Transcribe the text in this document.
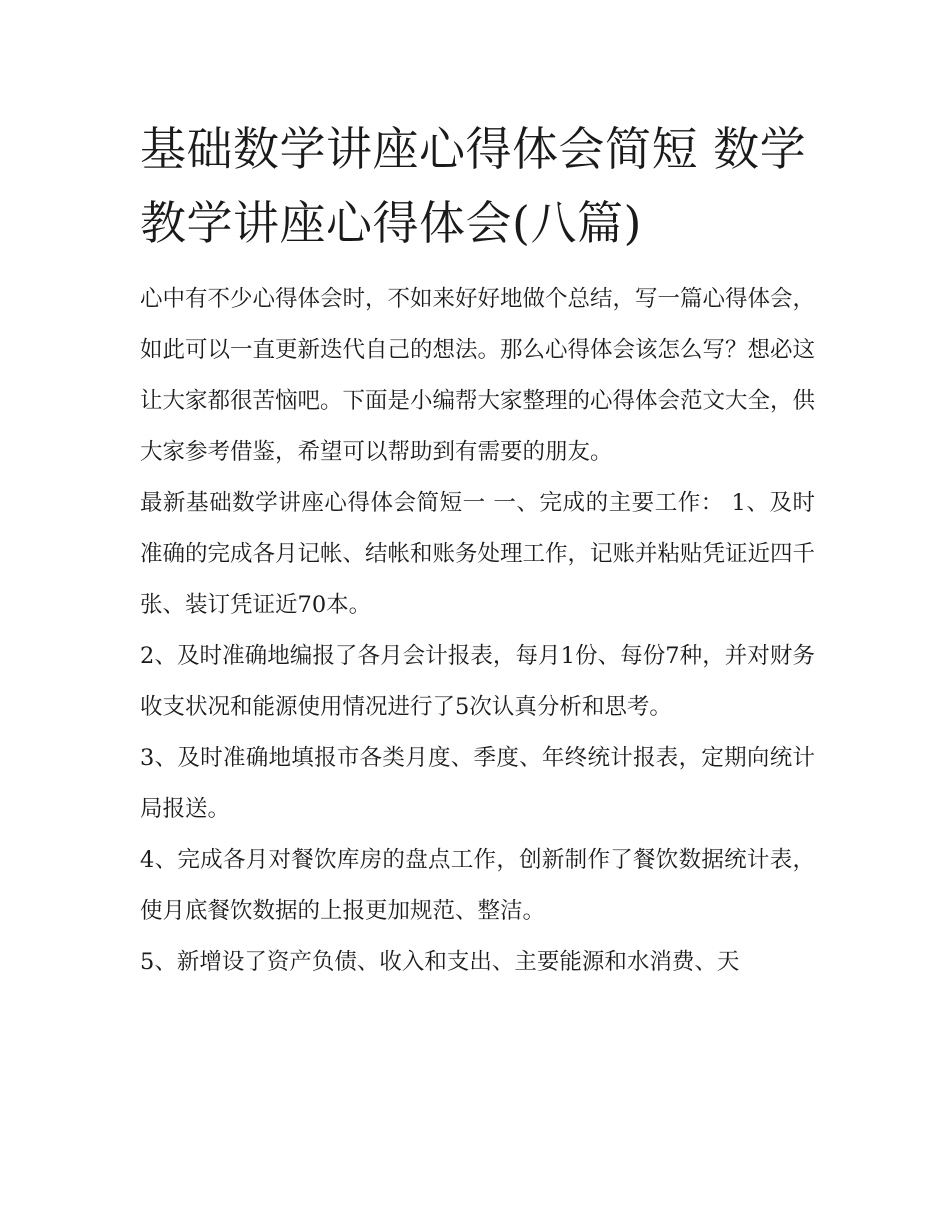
基础数学讲座心得体会简短 数学教学讲座心得体会(八篇)

心中有不少心得体会时，不如来好好地做个总结，写一篇心得体会，如此可以一直更新迭代自己的想法。那么心得体会该怎么写？想必这让大家都很苦恼吧。下面是小编帮大家整理的心得体会范文大全，供大家参考借鉴，希望可以帮助到有需要的朋友。

最新基础数学讲座心得体会简短一 一、完成的主要工作： 1、及时准确的完成各月记帐、结帐和账务处理工作，记账并粘贴凭证近四千张、装订凭证近70本。

2、及时准确地编报了各月会计报表，每月1份、每份7种，并对财务收支状况和能源使用情况进行了5次认真分析和思考。

3、及时准确地填报市各类月度、季度、年终统计报表，定期向统计局报送。

4、完成各月对餐饮库房的盘点工作，创新制作了餐饮数据统计表，使月底餐饮数据的上报更加规范、整洁。

5、新增设了资产负债、收入和支出、主要能源和水消费、天
